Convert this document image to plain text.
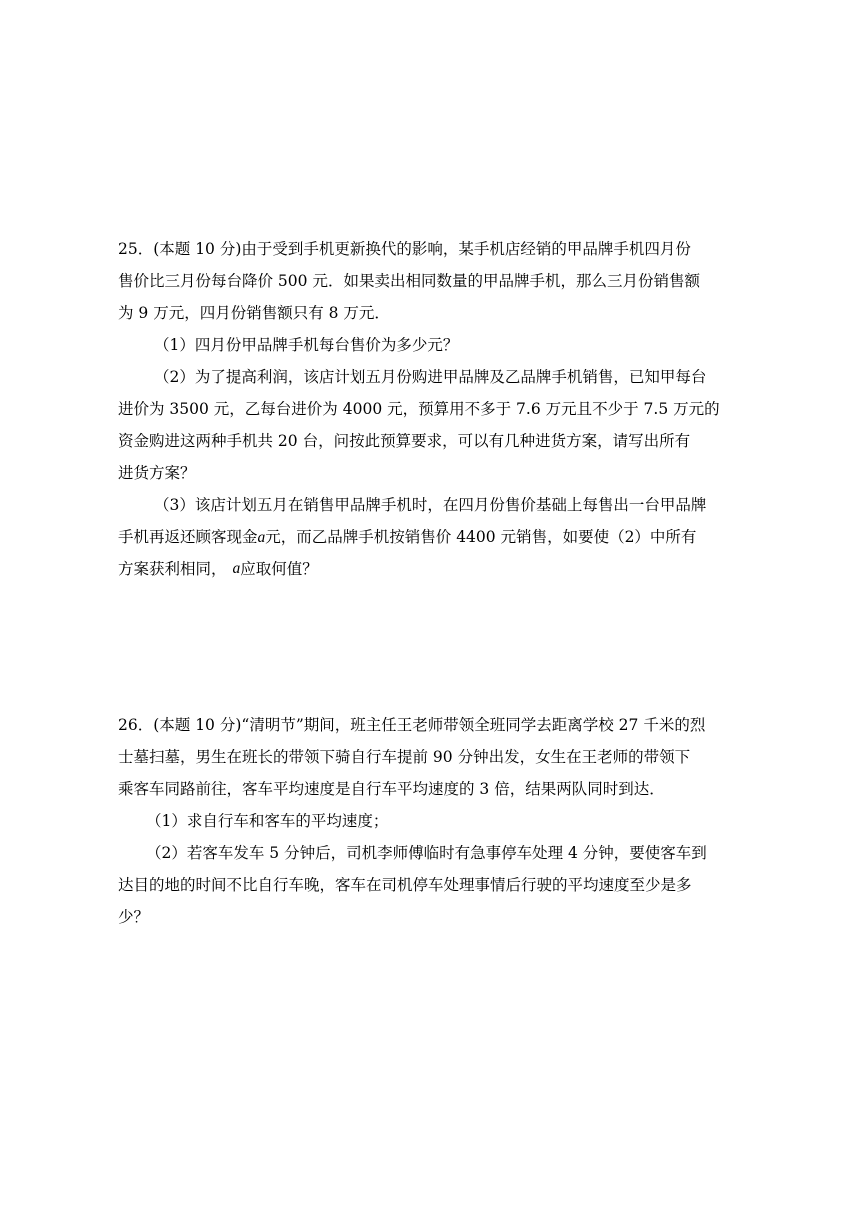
25．(本题 10 分)由于受到手机更新换代的影响，某手机店经销的甲品牌手机四月份
售价比三月份每台降价 500 元．如果卖出相同数量的甲品牌手机，那么三月份销售额
为 9 万元，四月份销售额只有 8 万元．
（1）四月份甲品牌手机每台售价为多少元？
（2）为了提高利润，该店计划五月份购进甲品牌及乙品牌手机销售，已知甲每台
进价为 3500 元，乙每台进价为 4000 元，预算用不多于 7.6 万元且不少于 7.5 万元的
资金购进这两种手机共 20 台，问按此预算要求，可以有几种进货方案，请写出所有
进货方案？
（3）该店计划五月在销售甲品牌手机时，在四月份售价基础上每售出一台甲品牌
手机再返还顾客现金a元，而乙品牌手机按销售价 4400 元销售，如要使（2）中所有
方案获利相同， a 应取何值？
26．(本题 10 分)“清明节”期间，班主任王老师带领全班同学去距离学校 27 千米的烈
士墓扫墓，男生在班长的带领下骑自行车提前 90 分钟出发，女生在王老师的带领下
乘客车同路前往，客车平均速度是自行车平均速度的 3 倍，结果两队同时到达．
（1）求自行车和客车的平均速度；
（2）若客车发车 5 分钟后，司机李师傅临时有急事停车处理 4 分钟，要使客车到
达目的地的时间不比自行车晚，客车在司机停车处理事情后行驶的平均速度至少是多
少？
